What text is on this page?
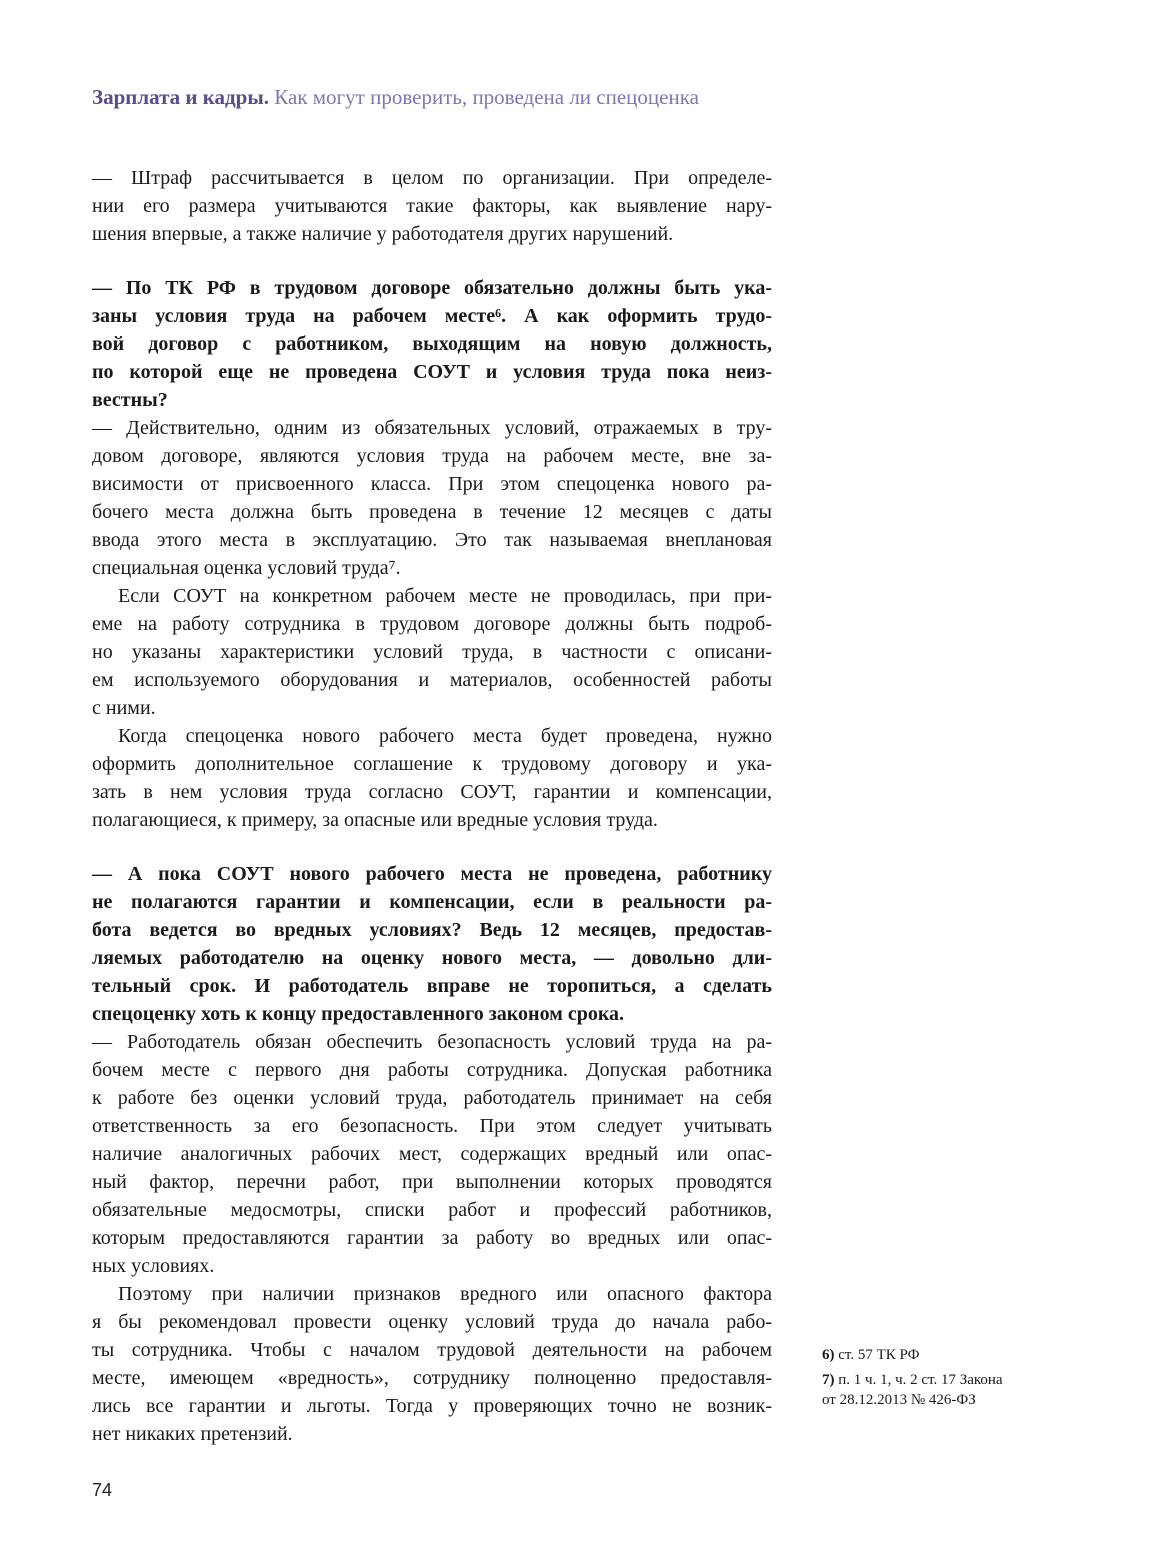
Зарплата и кадры. Как могут проверить, проведена ли спецоценка
— Штраф рассчитывается в целом по организации. При определе-
нии его размера учитываются такие факторы, как выявление нару-
шения впервые, а также наличие у работодателя других нарушений.
— По ТК РФ в трудовом договоре обязательно должны быть ука-
заны условия труда на рабочем месте⁶. А как оформить трудо-
вой договор с работником, выходящим на новую должность,
по которой еще не проведена СОУТ и условия труда пока неиз-
вестны?
— Действительно, одним из обязательных условий, отражаемых в тру-
довом договоре, являются условия труда на рабочем месте, вне за-
висимости от присвоенного класса. При этом спецоценка нового ра-
бочего места должна быть проведена в течение 12 месяцев с даты
ввода этого места в эксплуатацию. Это так называемая внеплановая
специальная оценка условий труда⁷.
Если СОУТ на конкретном рабочем месте не проводилась, при при-
еме на работу сотрудника в трудовом договоре должны быть подроб-
но указаны характеристики условий труда, в частности с описани-
ем используемого оборудования и материалов, особенностей работы
с ними.
Когда спецоценка нового рабочего места будет проведена, нужно
оформить дополнительное соглашение к трудовому договору и ука-
зать в нем условия труда согласно СОУТ, гарантии и компенсации,
полагающиеся, к примеру, за опасные или вредные условия труда.
— А пока СОУТ нового рабочего места не проведена, работнику
не полагаются гарантии и компенсации, если в реальности ра-
бота ведется во вредных условиях? Ведь 12 месяцев, предостав-
ляемых работодателю на оценку нового места, — довольно дли-
тельный срок. И работодатель вправе не торопиться, а сделать
спецоценку хоть к концу предоставленного законом срока.
— Работодатель обязан обеспечить безопасность условий труда на ра-
бочем месте с первого дня работы сотрудника. Допуская работника
к работе без оценки условий труда, работодатель принимает на себя
ответственность за его безопасность. При этом следует учитывать
наличие аналогичных рабочих мест, содержащих вредный или опас-
ный фактор, перечни работ, при выполнении которых проводятся
обязательные медосмотры, списки работ и профессий работников,
которым предоставляются гарантии за работу во вредных или опас-
ных условиях.
Поэтому при наличии признаков вредного или опасного фактора
я бы рекомендовал провести оценку условий труда до начала рабо-
ты сотрудника. Чтобы с началом трудовой деятельности на рабочем
месте, имеющем «вредность», сотруднику полноценно предоставля-
лись все гарантии и льготы. Тогда у проверяющих точно не возник-
нет никаких претензий.
6) ст. 57 ТК РФ
7) п. 1 ч. 1, ч. 2 ст. 17 Закона
от 28.12.2013 № 426-ФЗ
74
